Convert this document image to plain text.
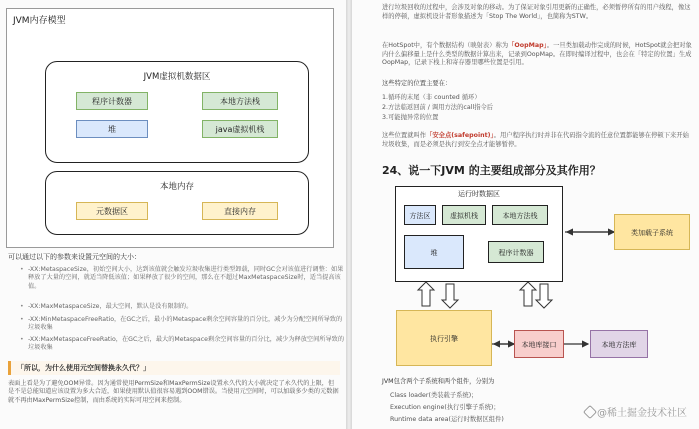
JVM内存模型
JVM虚拟机数据区
程序计数器	本地方法栈
堆	java虚拟机栈
本地内存
元数据区	直接内存
可以通过以下的参数来设置元空间的大小：
• -XX:MetaspaceSize，初始空间大小，达到该值就会触发垃圾收集进行类型卸载，同时GC会对该值进行调整：如果释放了大量的空间，就适当降低该值；如果释放了很少的空间，那么在不超过MaxMetaspaceSize时，适当提高该值。
• -XX:MaxMetaspaceSize，最大空间，默认是没有限制的。
• -XX:MinMetaspaceFreeRatio，在GC之后，最小的Metaspace剩余空间容量的百分比，减少为分配空间所导致的垃圾收集
• -XX:MaxMetaspaceFreeRatio，在GC之后，最大的Metaspace剩余空间容量的百分比，减少为释放空间所导致的垃圾收集
「所以，为什么使用元空间替换永久代？」
表面上看是为了避免OOM异常。因为通常使用PermSize和MaxPermSize设置永久代的大小就决定了永久代的上限，但是不是总能知道应该设置为多大合适，如果使用默认值很容易遇到OOM错误。当使用元空间时，可以加载多少类的元数据就不再由MaxPermSize控制，而由系统的实际可用空间来控制。
进行垃圾回收的过程中，会涉及对象的移动。为了保证对象引用更新的正确性，必须暂停所有的用户线程，像这样的停顿，虚拟机设计者形象描述为「Stop The World」，也简称为STW。
在HotSpot中，有个数据结构（映射表）称为「OopMap」。一旦类加载动作完成的时候，HotSpot就会把对象内什么偏移量上是什么类型的数据计算出来，记录到OopMap。在即时编译过程中，也会在「特定的位置」生成 OopMap，记录下栈上和寄存器里哪些位置是引用。
这些特定的位置主要在：
1.循环的末尾（非 counted 循环）
2.方法临返回前 / 调用方法的call指令后
3.可能抛异常的位置
这些位置就叫作「安全点(safepoint)」。用户程序执行时并非在代码指令流的任意位置都能够在停顿下来开始垃圾收集，而是必须是执行到安全点才能够暂停。
24、说一下JVM 的主要组成部分及其作用？
运行时数据区
方法区	虚拟机栈	本地方法栈
堆	程序计数器
类加载子系统
执行引擎
本地库接口	本地方法库
JVM包含两个子系统和两个组件，分别为
Class loader(类装载子系统)；
Execution engine(执行引擎子系统)；
Runtime data area(运行时数据区组件)
@稀土掘金技术社区
